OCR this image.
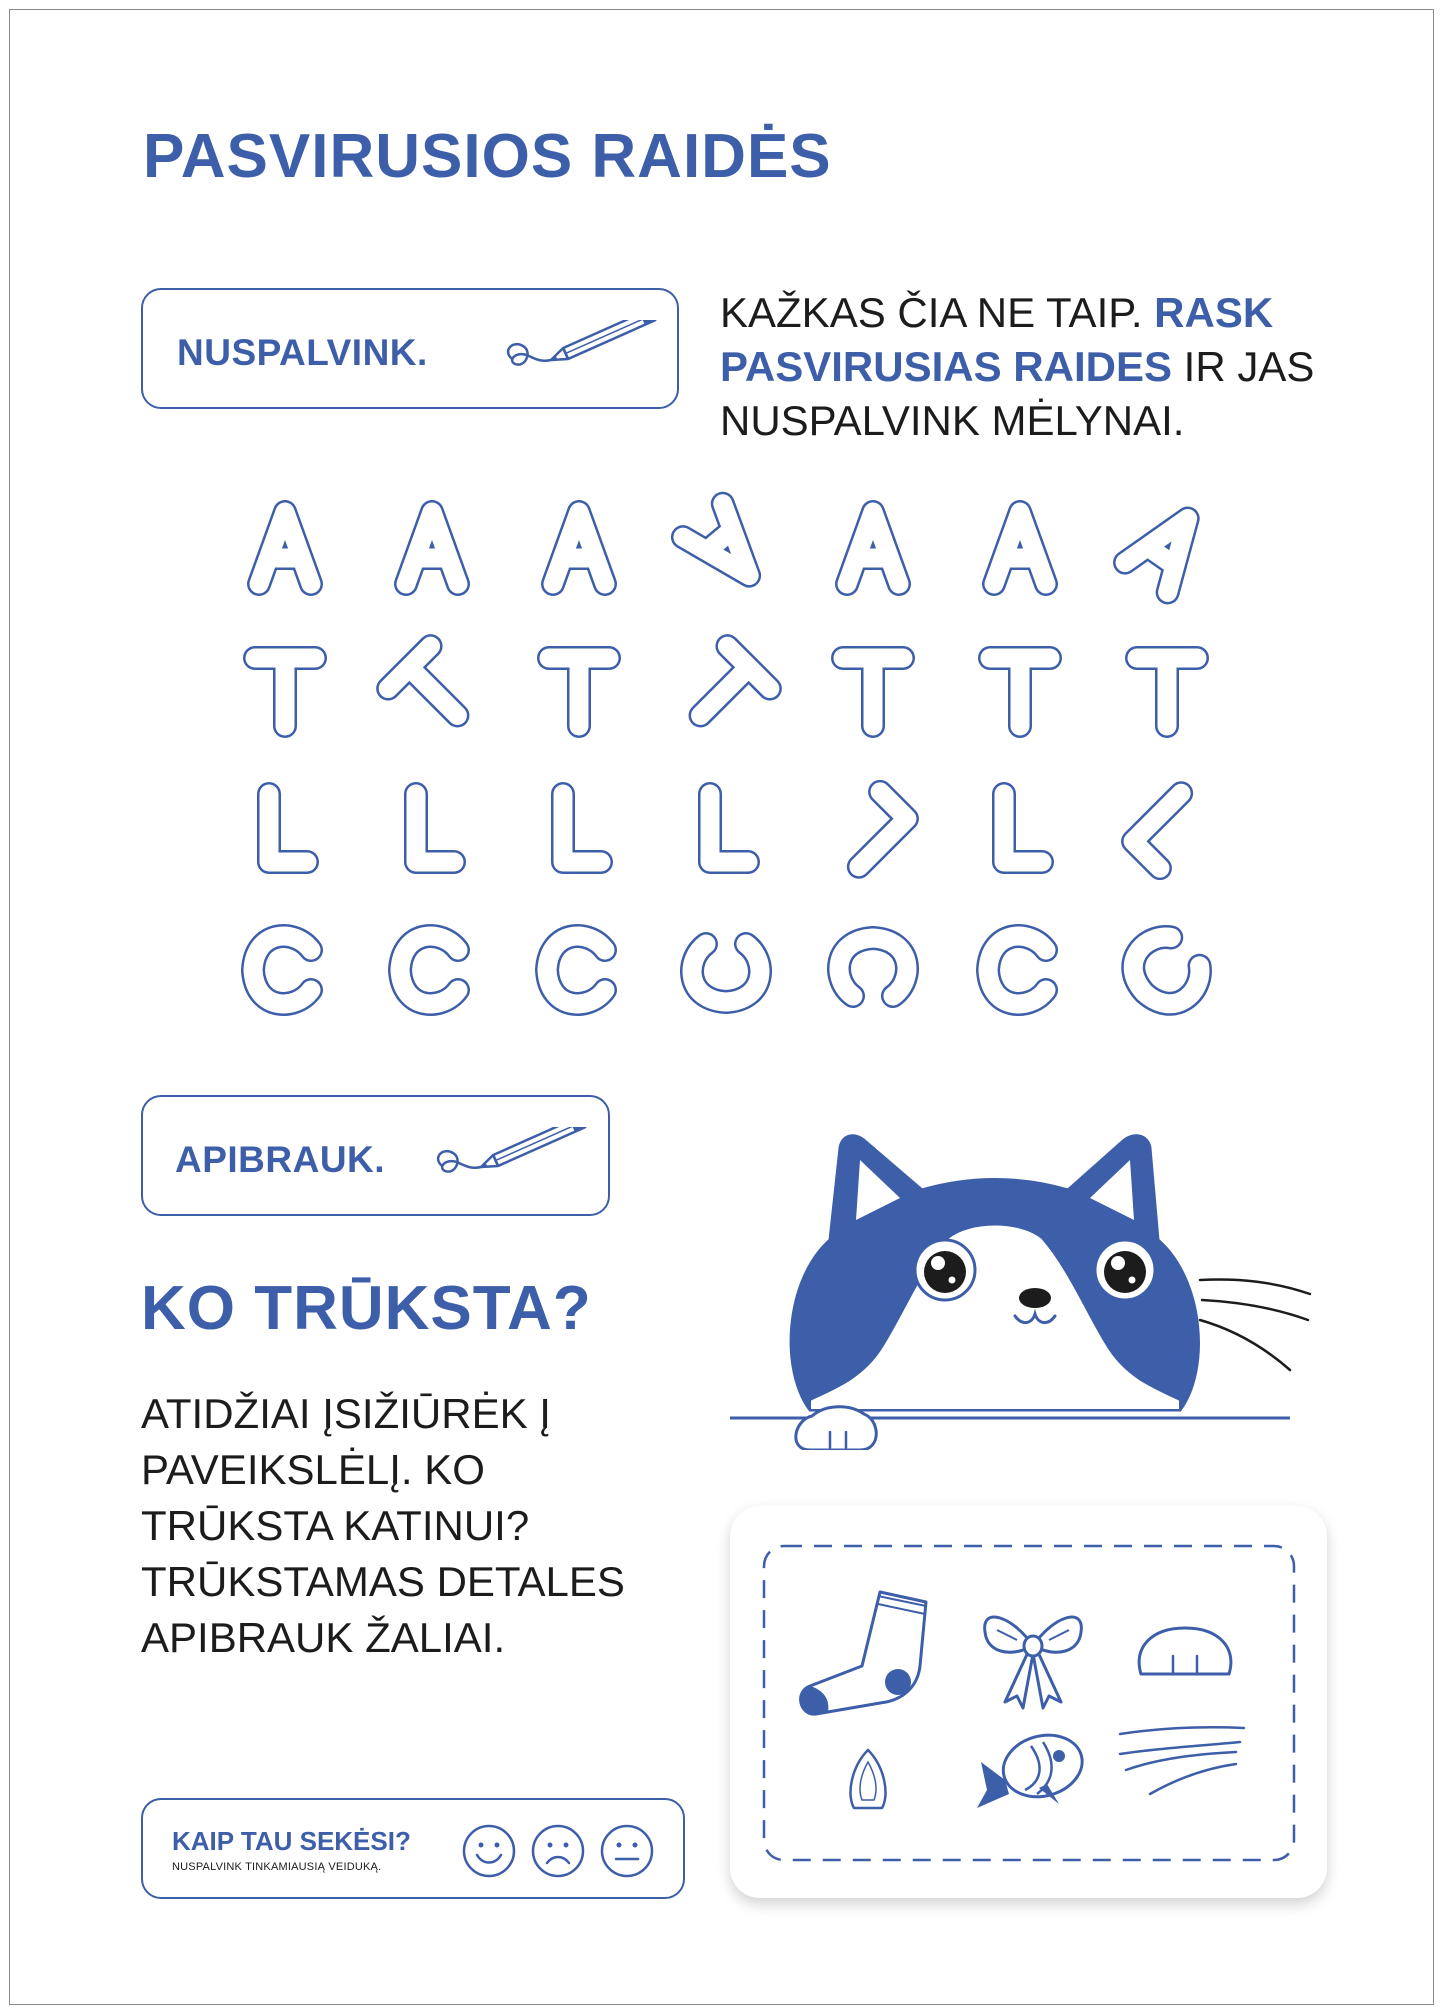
PASVIRUSIOS RAIDĖS
NUSPALVINK.

KAŽKAS ČIA NE TAIP. RASK PASVIRUSIAS RAIDES IR JAS NUSPALVINK MĖLYNAI.

APIBRAUK.
KO TRŪKSTA?

ATIDŽIAI ĮSIŽIŪRĖK Į PAVEIKSLĖLĮ. KO TRŪKSTA KATINUI? TRŪKSTAMAS DETALES APIBRAUK ŽALIAI.

KAIP TAU SEKĖSI?
NUSPALVINK TINKAMIAUSIĄ VEIDUKĄ.
